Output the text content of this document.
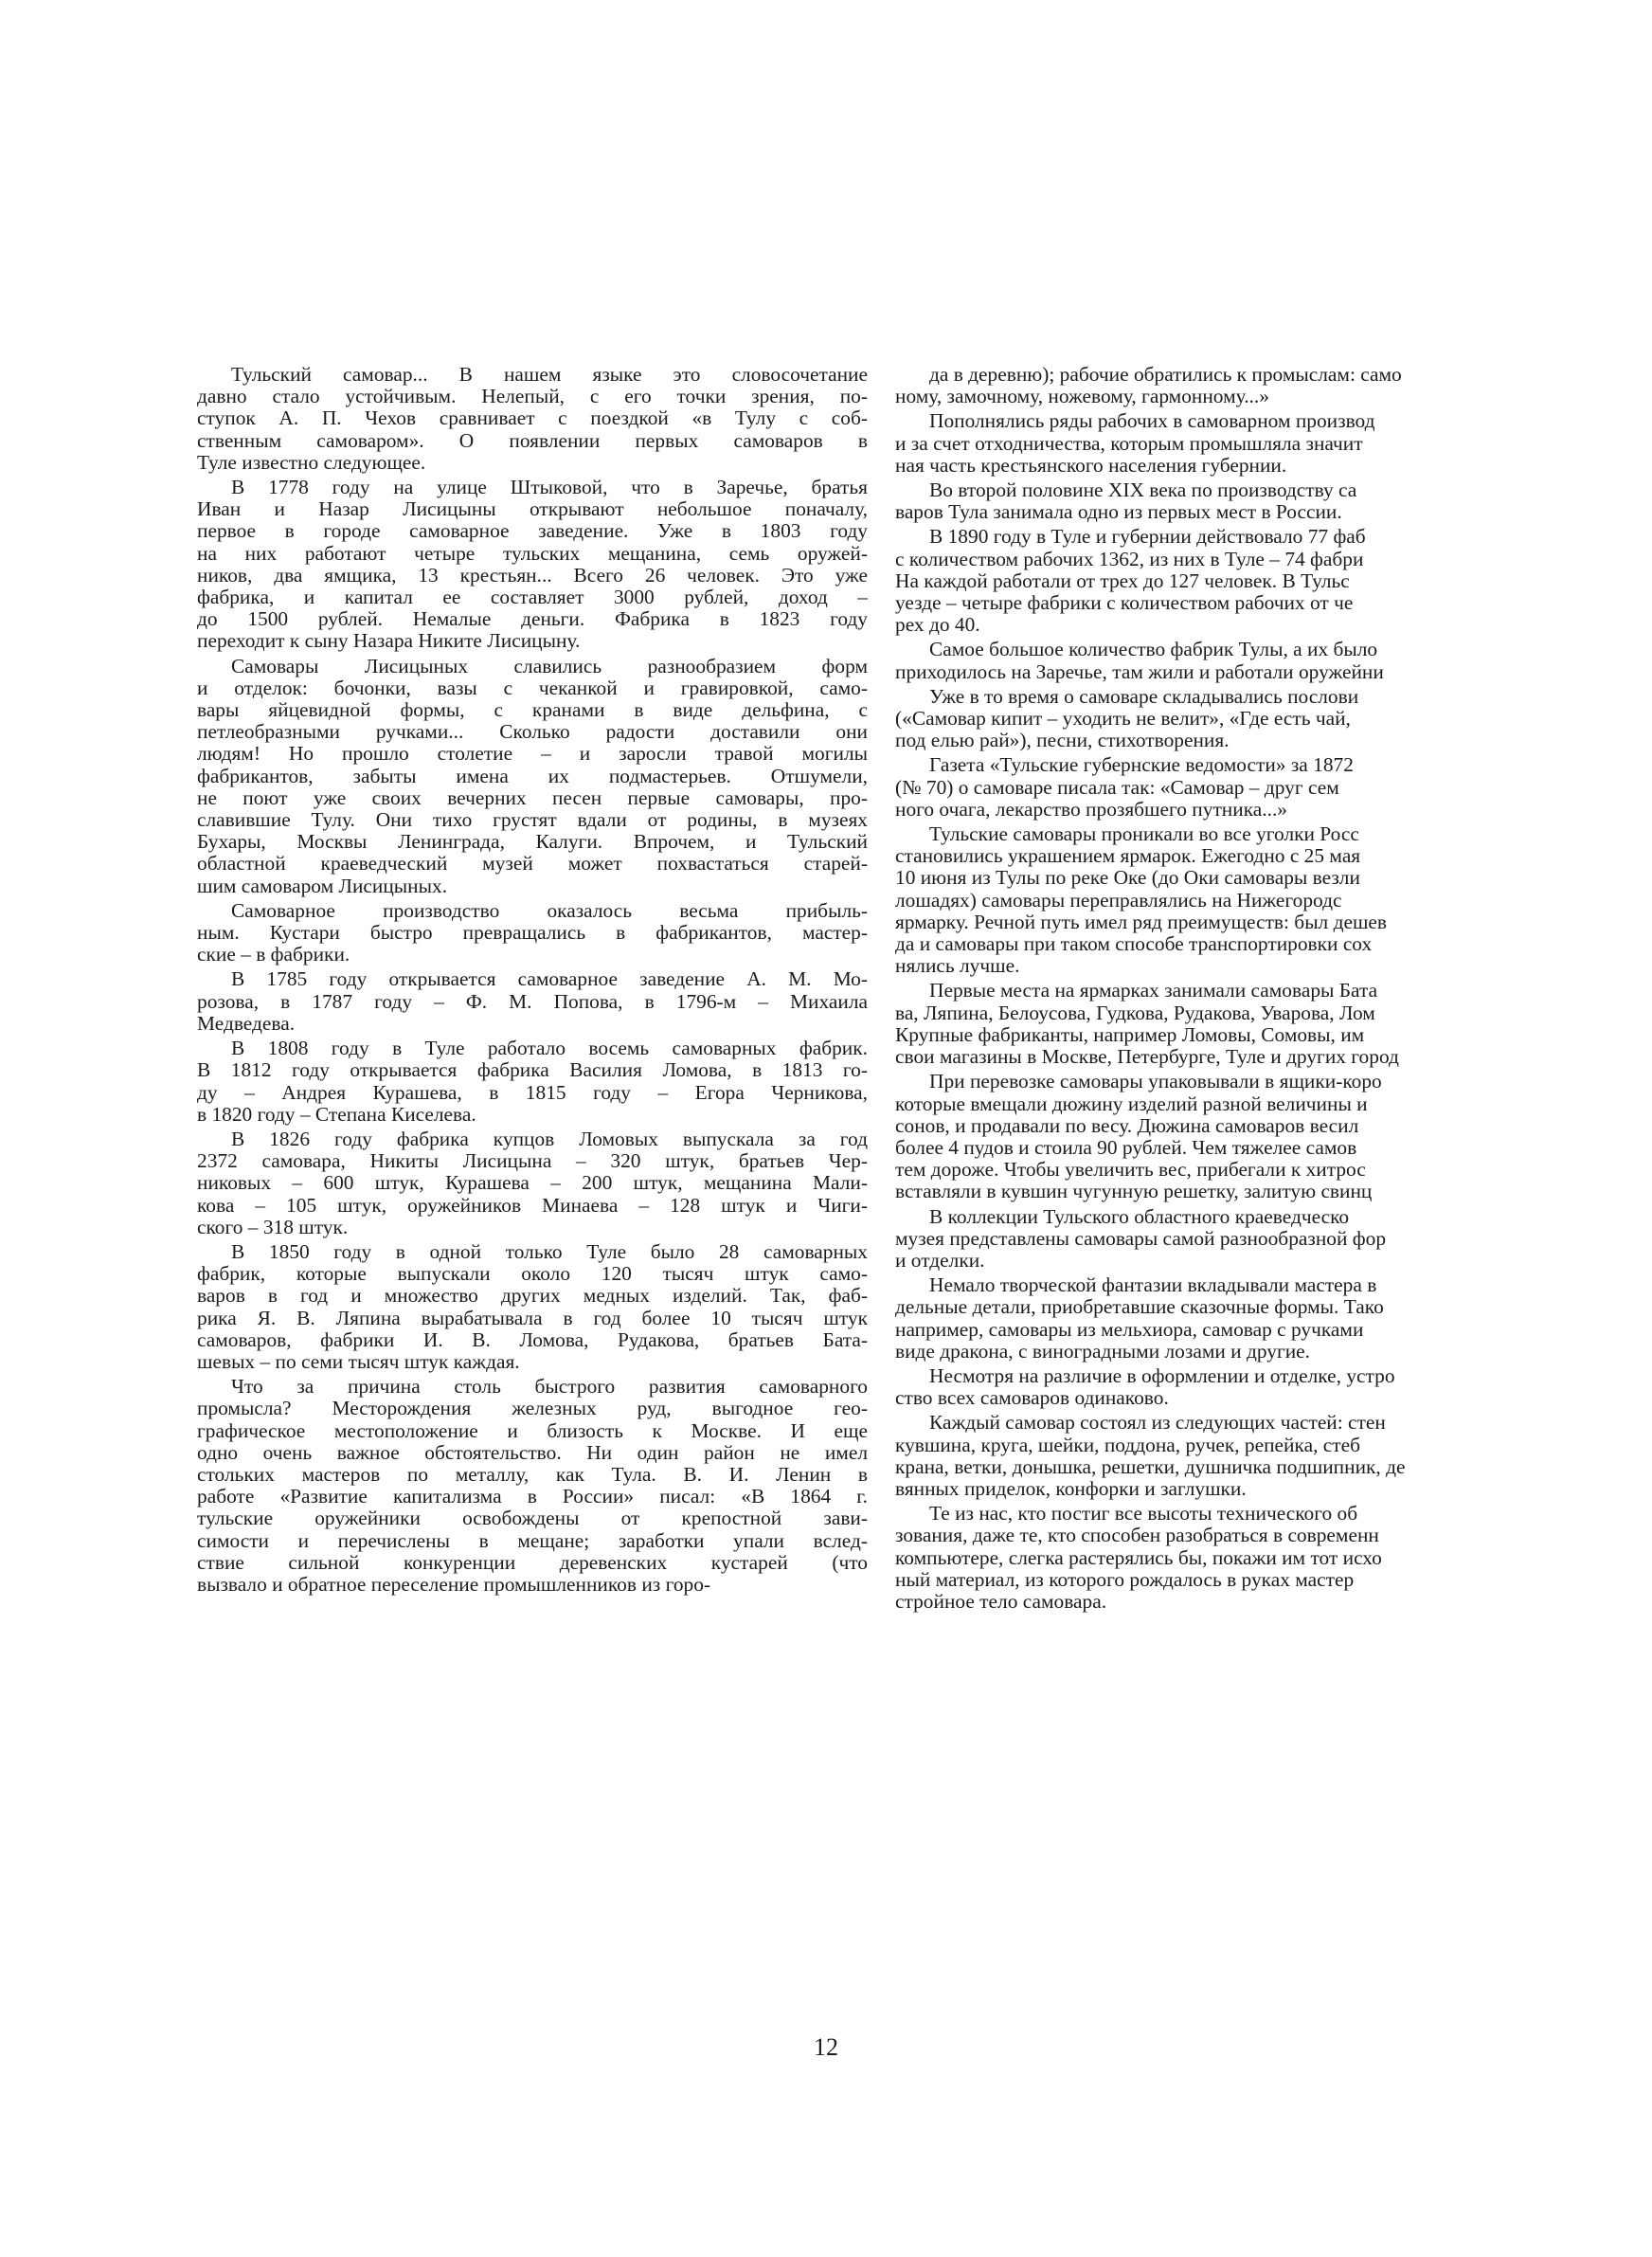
Тульский самовар... В нашем языке это словосочетание
давно стало устойчивым. Нелепый, с его точки зрения, по-
ступок А. П. Чехов сравнивает с поездкой «в Тулу с соб-
ственным самоваром». О появлении первых самоваров в
Туле известно следующее.
В 1778 году на улице Штыковой, что в Заречье, братья
Иван и Назар Лисицыны открывают небольшое поначалу,
первое в городе самоварное заведение. Уже в 1803 году
на них работают четыре тульских мещанина, семь оружей-
ников, два ямщика, 13 крестьян... Всего 26 человек. Это уже
фабрика, и капитал ее составляет 3000 рублей, доход –
до 1500 рублей. Немалые деньги. Фабрика в 1823 году
переходит к сыну Назара Никите Лисицыну.
Самовары Лисицыных славились разнообразием форм
и отделок: бочонки, вазы с чеканкой и гравировкой, само-
вары яйцевидной формы, с кранами в виде дельфина, с
петлеобразными ручками... Сколько радости доставили они
людям! Но прошло столетие – и заросли травой могилы
фабрикантов, забыты имена их подмастерьев. Отшумели,
не поют уже своих вечерних песен первые самовары, про-
славившие Тулу. Они тихо грустят вдали от родины, в музеях
Бухары, Москвы Ленинграда, Калуги. Впрочем, и Тульский
областной краеведческий музей может похвастаться старей-
шим самоваром Лисицыных.
Самоварное производство оказалось весьма прибыль-
ным. Кустари быстро превращались в фабрикантов, мастер-
ские – в фабрики.
В 1785 году открывается самоварное заведение А. М. Мо-
розова, в 1787 году – Ф. М. Попова, в 1796-м – Михаила
Медведева.
В 1808 году в Туле работало восемь самоварных фабрик.
В 1812 году открывается фабрика Василия Ломова, в 1813 го-
ду – Андрея Курашева, в 1815 году – Егора Черникова,
в 1820 году – Степана Киселева.
В 1826 году фабрика купцов Ломовых выпускала за год
2372 самовара, Никиты Лисицына – 320 штук, братьев Чер-
никовых – 600 штук, Курашева – 200 штук, мещанина Мали-
кова – 105 штук, оружейников Минаева – 128 штук и Чиги-
ского – 318 штук.
В 1850 году в одной только Туле было 28 самоварных
фабрик, которые выпускали около 120 тысяч штук само-
варов в год и множество других медных изделий. Так, фаб-
рика Я. В. Ляпина вырабатывала в год более 10 тысяч штук
самоваров, фабрики И. В. Ломова, Рудакова, братьев Бата-
шевых – по семи тысяч штук каждая.
Что за причина столь быстрого развития самоварного
промысла? Месторождения железных руд, выгодное гео-
графическое местоположение и близость к Москве. И еще
одно очень важное обстоятельство. Ни один район не имел
стольких мастеров по металлу, как Тула. В. И. Ленин в
работе «Развитие капитализма в России» писал: «В 1864 г.
тульские оружейники освобождены от крепостной зави-
симости и перечислены в мещане; заработки упали вслед-
ствие сильной конкуренции деревенских кустарей (что
вызвало и обратное переселение промышленников из горо-
да в деревню); рабочие обратились к промыслам: само
ному, замочному, ножевому, гармонному...»
Пополнялись ряды рабочих в самоварном производ
и за счет отходничества, которым промышляла значит
ная часть крестьянского населения губернии.
Во второй половине XIX века по производству са
варов Тула занимала одно из первых мест в России.
В 1890 году в Туле и губернии действовало 77 фаб
с количеством рабочих 1362, из них в Туле – 74 фабри
На каждой работали от трех до 127 человек. В Тульс
уезде – четыре фабрики с количеством рабочих от че
рех до 40.
Самое большое количество фабрик Тулы, а их было
приходилось на Заречье, там жили и работали оружейни
Уже в то время о самоваре складывались послови
(«Самовар кипит – уходить не велит», «Где есть чай,
под елью рай»), песни, стихотворения.
Газета «Тульские губернские ведомости» за 1872
(№ 70) о самоваре писала так: «Самовар – друг сем
ного очага, лекарство прозябшего путника...»
Тульские самовары проникали во все уголки Росс
становились украшением ярмарок. Ежегодно с 25 мая
10 июня из Тулы по реке Оке (до Оки самовары везли
лошадях) самовары переправлялись на Нижегородс
ярмарку. Речной путь имел ряд преимуществ: был дешев
да и самовары при таком способе транспортировки сох
нялись лучше.
Первые места на ярмарках занимали самовары Бата
ва, Ляпина, Белоусова, Гудкова, Рудакова, Уварова, Лом
Крупные фабриканты, например Ломовы, Сомовы, им
свои магазины в Москве, Петербурге, Туле и других город
При перевозке самовары упаковывали в ящики-коро
которые вмещали дюжину изделий разной величины и
сонов, и продавали по весу. Дюжина самоваров весил
более 4 пудов и стоила 90 рублей. Чем тяжелее самов
тем дороже. Чтобы увеличить вес, прибегали к хитрос
вставляли в кувшин чугунную решетку, залитую свинц
В коллекции Тульского областного краеведческо
музея представлены самовары самой разнообразной фор
и отделки.
Немало творческой фантазии вкладывали мастера в
дельные детали, приобретавшие сказочные формы. Тако
например, самовары из мельхиора, самовар с ручками
виде дракона, с виноградными лозами и другие.
Несмотря на различие в оформлении и отделке, устро
ство всех самоваров одинаково.
Каждый самовар состоял из следующих частей: стен
кувшина, круга, шейки, поддона, ручек, репейка, стеб
крана, ветки, донышка, решетки, душничка подшипник, де
вянных приделок, конфорки и заглушки.
Те из нас, кто постиг все высоты технического об
зования, даже те, кто способен разобраться в современн
компьютере, слегка растерялись бы, покажи им тот исхо
ный материал, из которого рождалось в руках мастер
стройное тело самовара.
12
